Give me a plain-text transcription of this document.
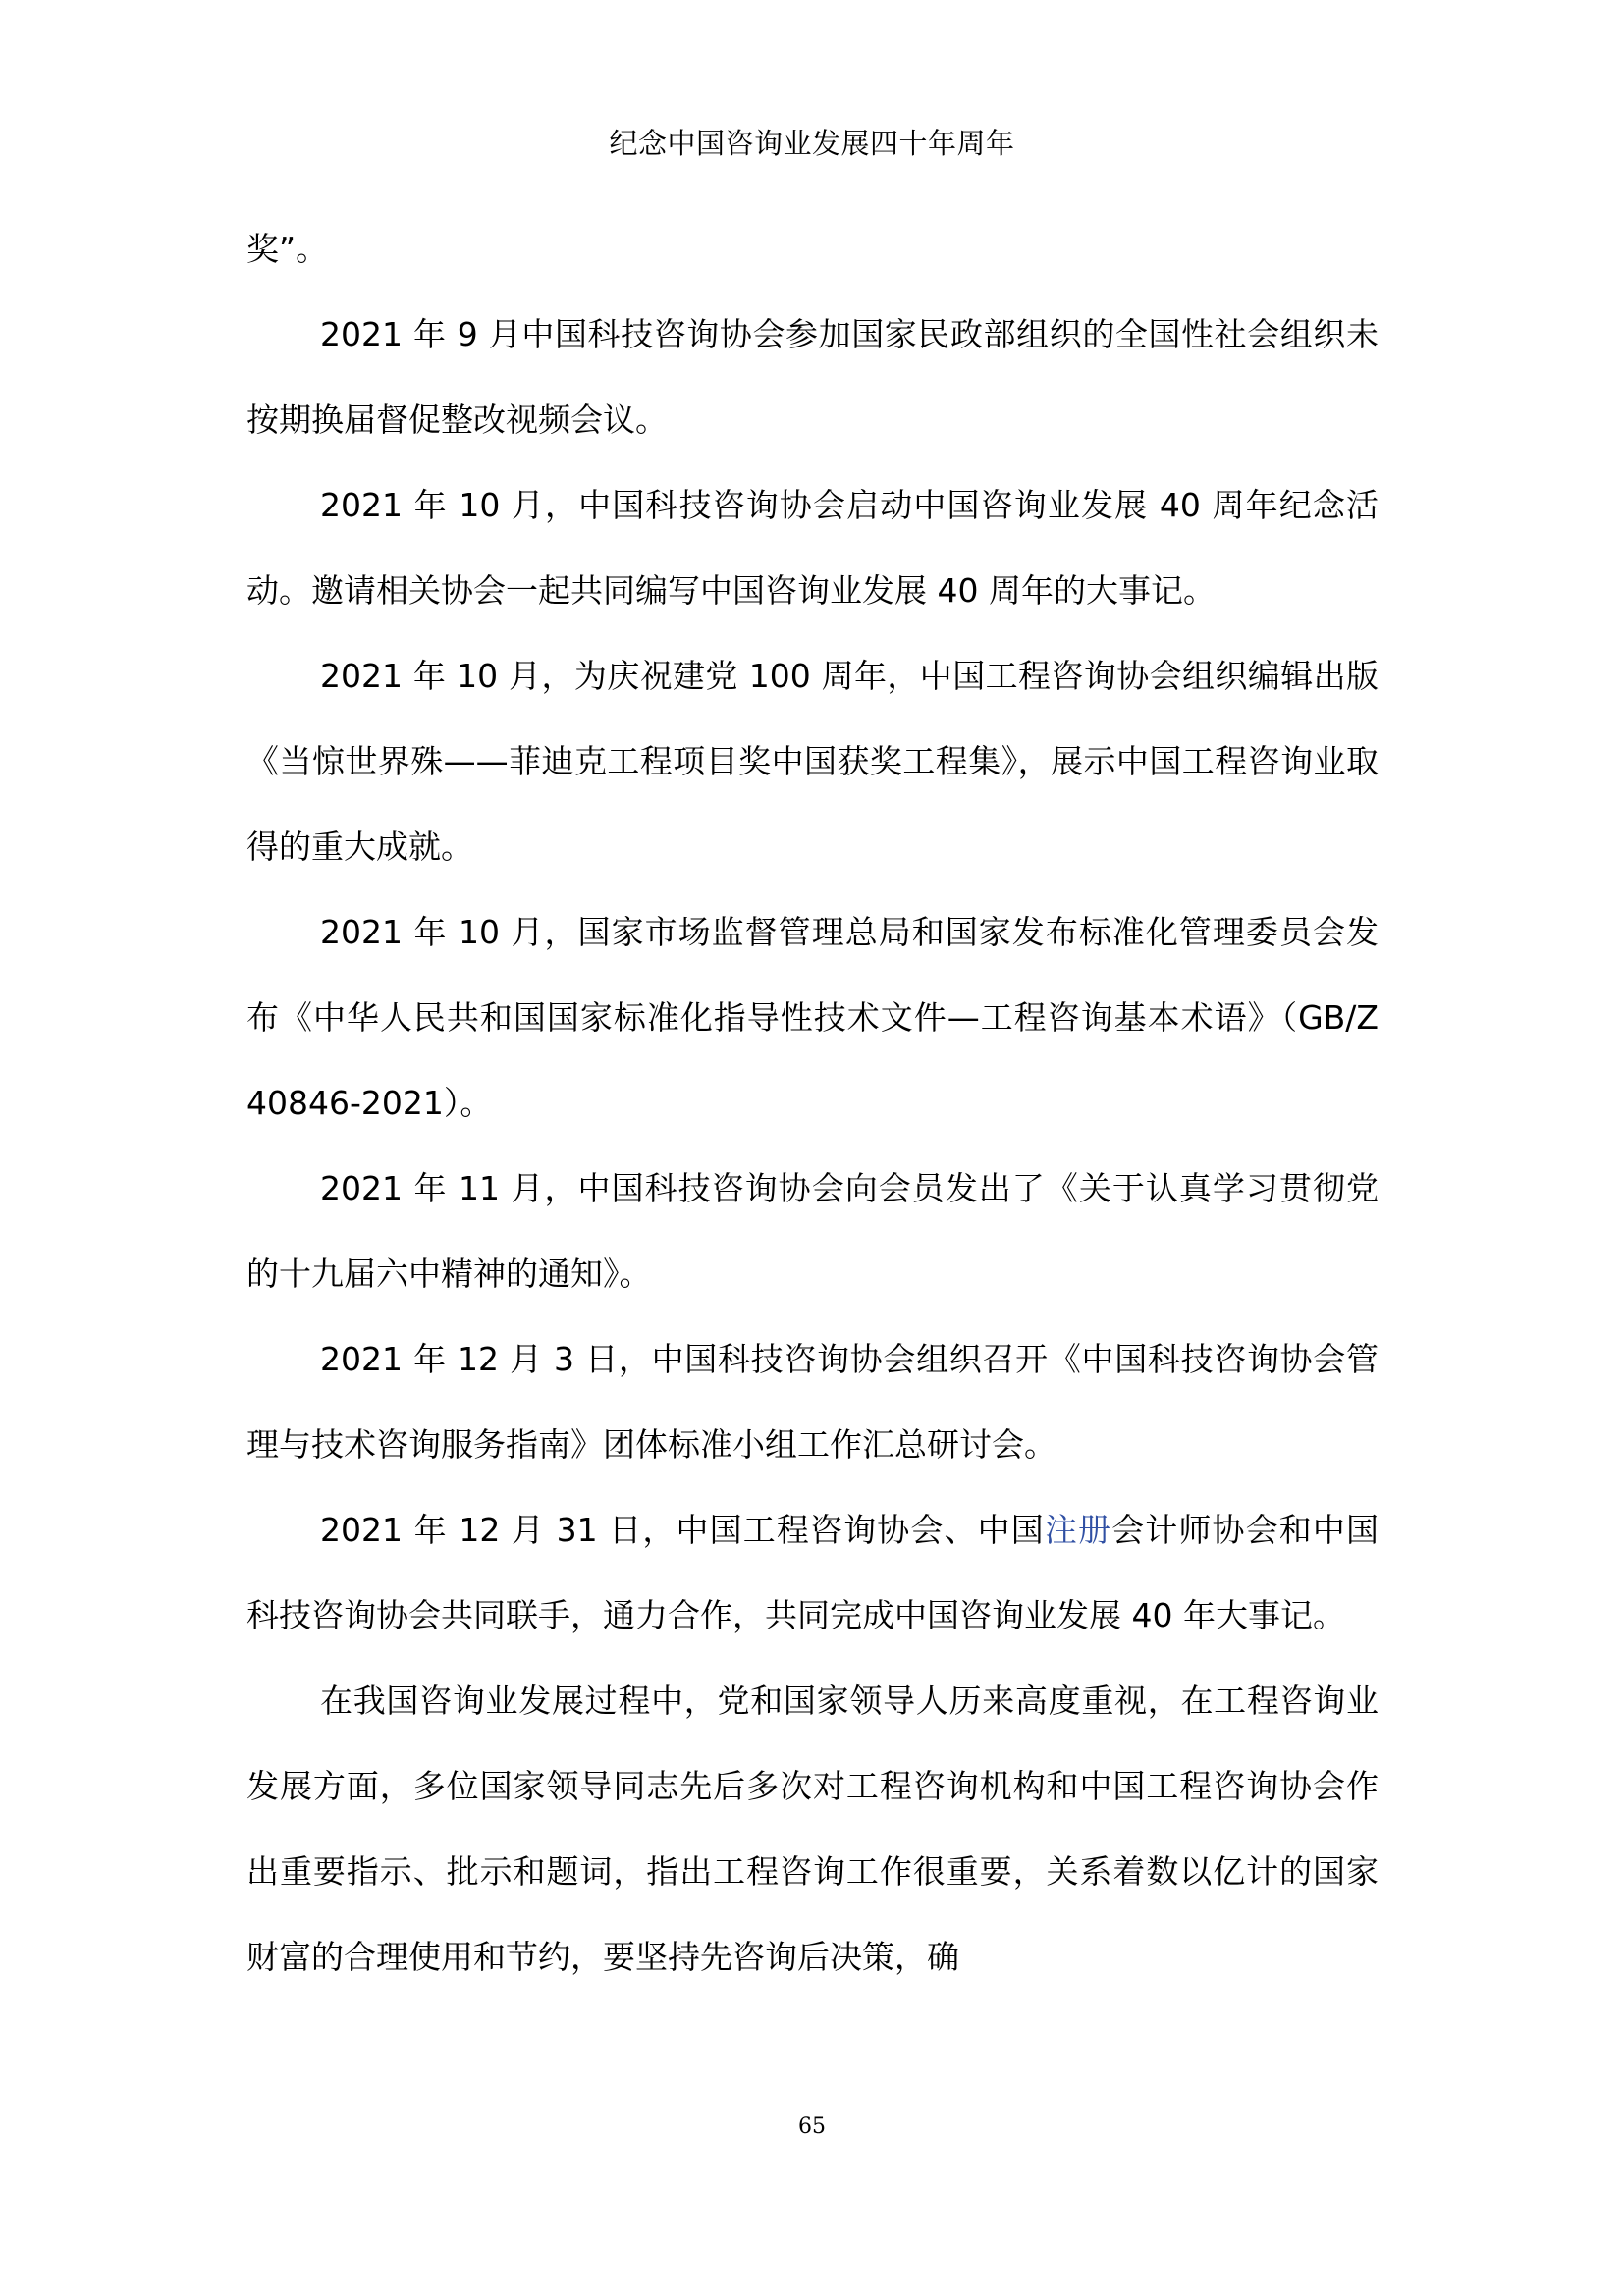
纪念中国咨询业发展四十年周年

奖”。

2021 年 9 月中国科技咨询协会参加国家民政部组织的全国性社会组织未按期换届督促整改视频会议。

2021 年 10 月，中国科技咨询协会启动中国咨询业发展 40 周年纪念活动。邀请相关协会一起共同编写中国咨询业发展 40 周年的大事记。

2021 年 10 月，为庆祝建党 100 周年，中国工程咨询协会组织编辑出版《当惊世界殊——菲迪克工程项目奖中国获奖工程集》，展示中国工程咨询业取得的重大成就。

2021 年 10 月，国家市场监督管理总局和国家发布标准化管理委员会发布《中华人民共和国国家标准化指导性技术文件—工程咨询基本术语》（GB/Z 40846-2021）。

2021 年 11 月，中国科技咨询协会向会员发出了《关于认真学习贯彻党的十九届六中精神的通知》。

2021 年 12 月 3 日，中国科技咨询协会组织召开《中国科技咨询协会管理与技术咨询服务指南》团体标准小组工作汇总研讨会。

2021 年 12 月 31 日，中国工程咨询协会、中国注册会计师协会和中国科技咨询协会共同联手，通力合作，共同完成中国咨询业发展 40 年大事记。

在我国咨询业发展过程中，党和国家领导人历来高度重视，在工程咨询业发展方面，多位国家领导同志先后多次对工程咨询机构和中国工程咨询协会作出重要指示、批示和题词，指出工程咨询工作很重要，关系着数以亿计的国家财富的合理使用和节约，要坚持先咨询后决策，确

65
